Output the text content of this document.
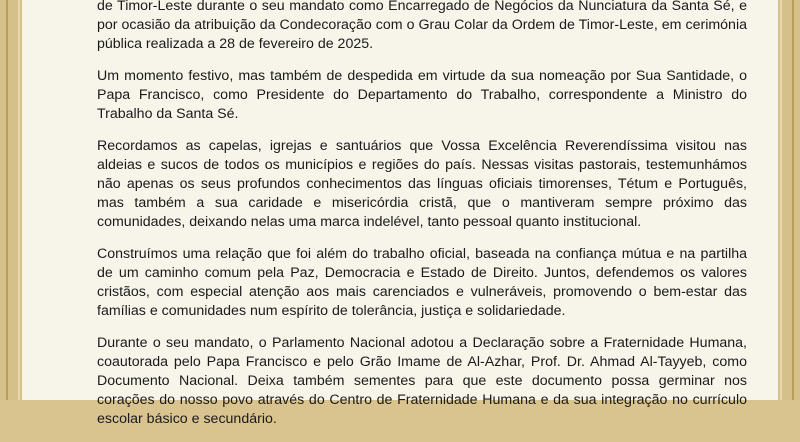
de Timor-Leste durante o seu mandato como Encarregado de Negócios da Nunciatura da Santa Sé, e por ocasião da atribuição da Condecoração com o Grau Colar da Ordem de Timor-Leste, em cerimónia pública realizada a 28 de fevereiro de 2025.

Um momento festivo, mas também de despedida em virtude da sua nomeação por Sua Santidade, o Papa Francisco, como Presidente do Departamento do Trabalho, correspondente a Ministro do Trabalho da Santa Sé.

Recordamos as capelas, igrejas e santuários que Vossa Excelência Reverendíssima visitou nas aldeias e sucos de todos os municípios e regiões do país. Nessas visitas pastorais, testemunhámos não apenas os seus profundos conhecimentos das línguas oficiais timorenses, Tétum e Português, mas também a sua caridade e misericórdia cristã, que o mantiveram sempre próximo das comunidades, deixando nelas uma marca indelével, tanto pessoal quanto institucional.

Construímos uma relação que foi além do trabalho oficial, baseada na confiança mútua e na partilha de um caminho comum pela Paz, Democracia e Estado de Direito. Juntos, defendemos os valores cristãos, com especial atenção aos mais carenciados e vulneráveis, promovendo o bem-estar das famílias e comunidades num espírito de tolerância, justiça e solidariedade.

Durante o seu mandato, o Parlamento Nacional adotou a Declaração sobre a Fraternidade Humana, coautorada pelo Papa Francisco e pelo Grão Imame de Al-Azhar, Prof. Dr. Ahmad Al-Tayyeb, como Documento Nacional. Deixa também sementes para que este documento possa germinar nos corações do nosso povo através do Centro de Fraternidade Humana e da sua integração no currículo escolar básico e secundário.
